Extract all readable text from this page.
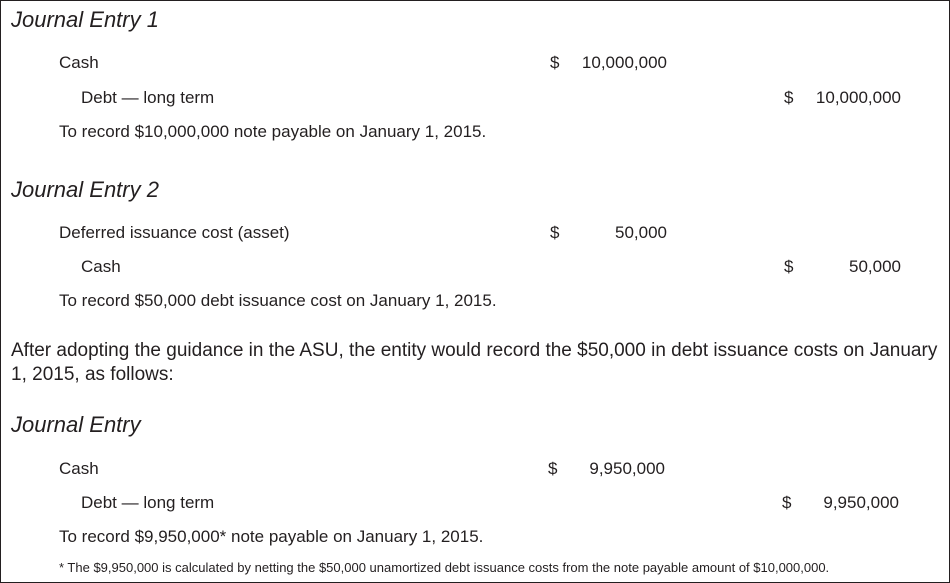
Journal Entry 1
Cash	$	10,000,000
Debt — long term	$	10,000,000
To record $10,000,000 note payable on January 1, 2015.
Journal Entry 2
Deferred issuance cost (asset)	$	50,000
Cash	$	50,000
To record $50,000 debt issuance cost on January 1, 2015.
After adopting the guidance in the ASU, the entity would record the $50,000 in debt issuance costs on January 1, 2015, as follows:
Journal Entry
Cash	$	9,950,000
Debt — long term	$	9,950,000
To record $9,950,000* note payable on January 1, 2015.
* The $9,950,000 is calculated by netting the $50,000 unamortized debt issuance costs from the note payable amount of $10,000,000.
